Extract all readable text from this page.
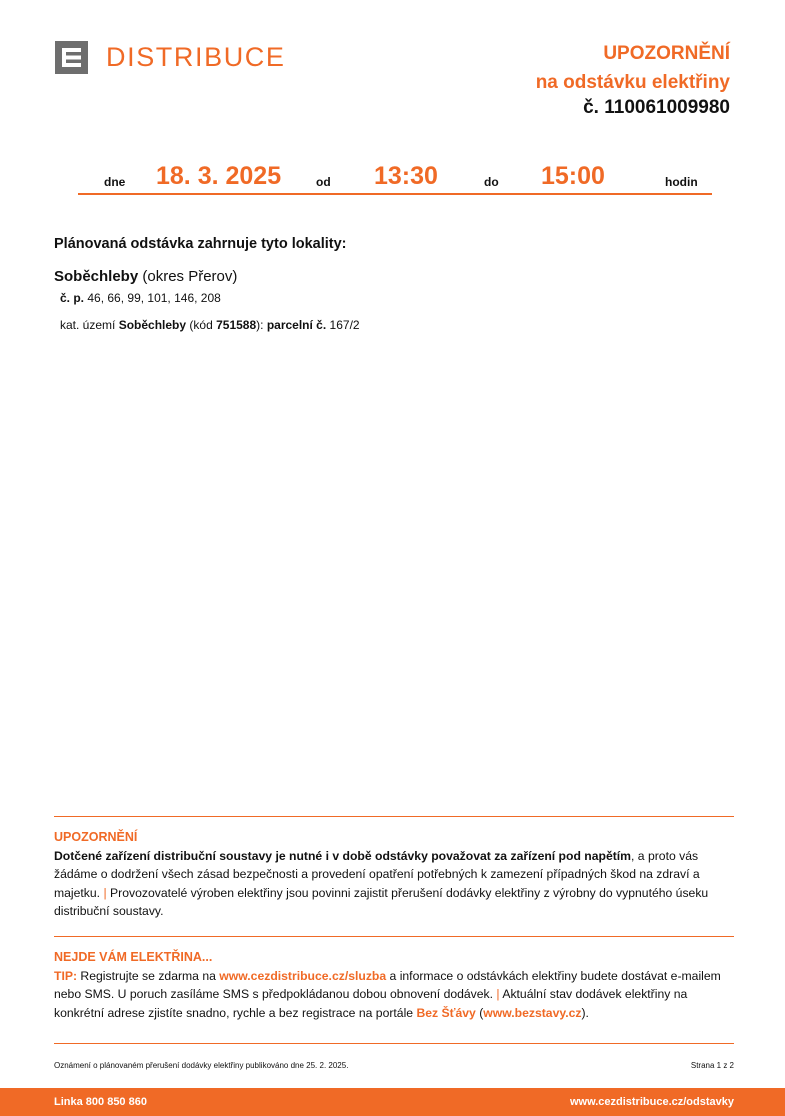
DISTRIBUCE	UPOZORNĚNÍ
na odstávku elektřiny
č. 110061009980
dne 18. 3. 2025	od 13:30	do 15:00	hodin
Plánovaná odstávka zahrnuje tyto lokality:
Soběchleby (okres Přerov)
č. p. 46, 66, 99, 101, 146, 208
kat. území Soběchleby (kód 751588): parcelní č. 167/2
UPOZORNĚNÍ
Dotčené zařízení distribuční soustavy je nutné i v době odstávky považovat za zařízení pod napětím, a proto vás žádáme o dodržení všech zásad bezpečnosti a provedení opatření potřebných k zamezení případných škod na zdraví a majetku. | Provozovatelé výroben elektřiny jsou povinni zajistit přerušení dodávky elektřiny z výrobny do vypnutého úseku distribuční soustavy.
NEJDE VÁM ELEKTŘINA...
TIP: Registrujte se zdarma na www.cezdistribuce.cz/sluzba a informace o odstávkách elektřiny budete dostávat e-mailem nebo SMS. U poruch zasíláme SMS s předpokládanou dobou obnovení dodávek. | Aktuální stav dodávek elektřiny na konkrétní adrese zjistíte snadno, rychle a bez registrace na portále Bez Šťávy (www.bezstavy.cz).
Oznámení o plánovaném přerušení dodávky elektřiny publikováno dne 25. 2. 2025.	Strana 1 z 2
Linka 800 850 860	www.cezdistribuce.cz/odstavky
